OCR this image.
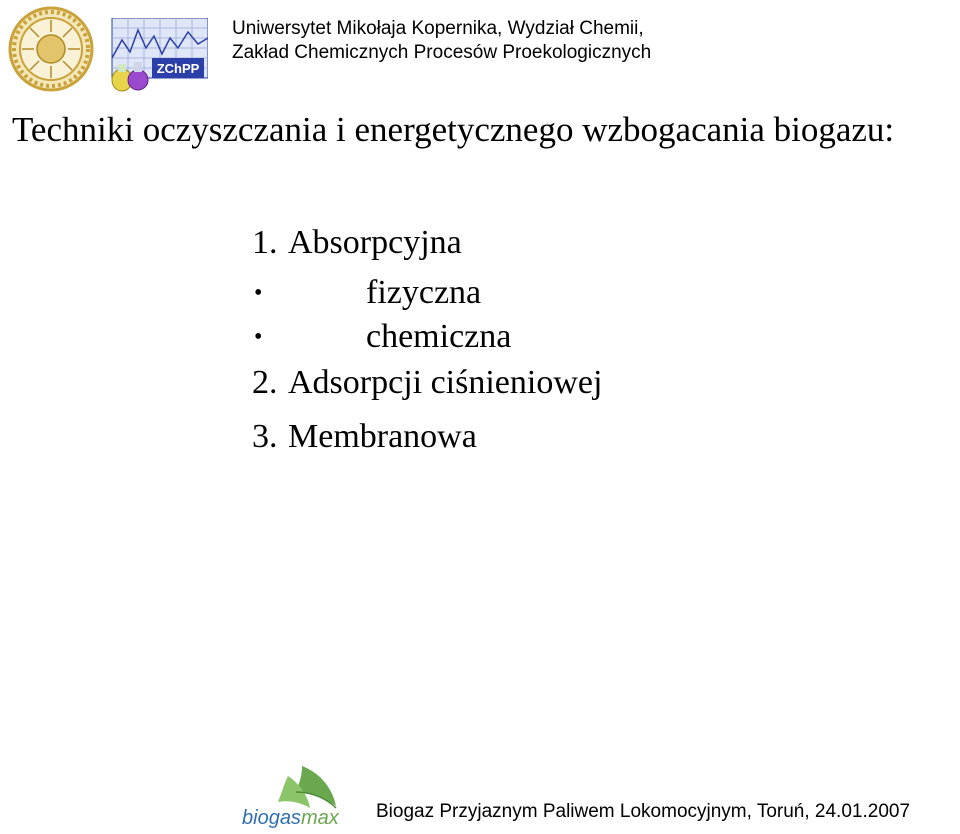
ZChPP
Uniwersytet Mikołaja Kopernika, Wydział Chemii,
Zakład Chemicznych Procesów Proekologicznych
Techniki oczyszczania i energetycznego wzbogacania biogazu:
1. Absorpcyjna
•	fizyczna
•	chemiczna
2. Adsorpcji ciśnieniowej
3. Membranowa
biogasmax Biogaz Przyjaznym Paliwem Lokomocyjnym, Toruń, 24.01.2007
